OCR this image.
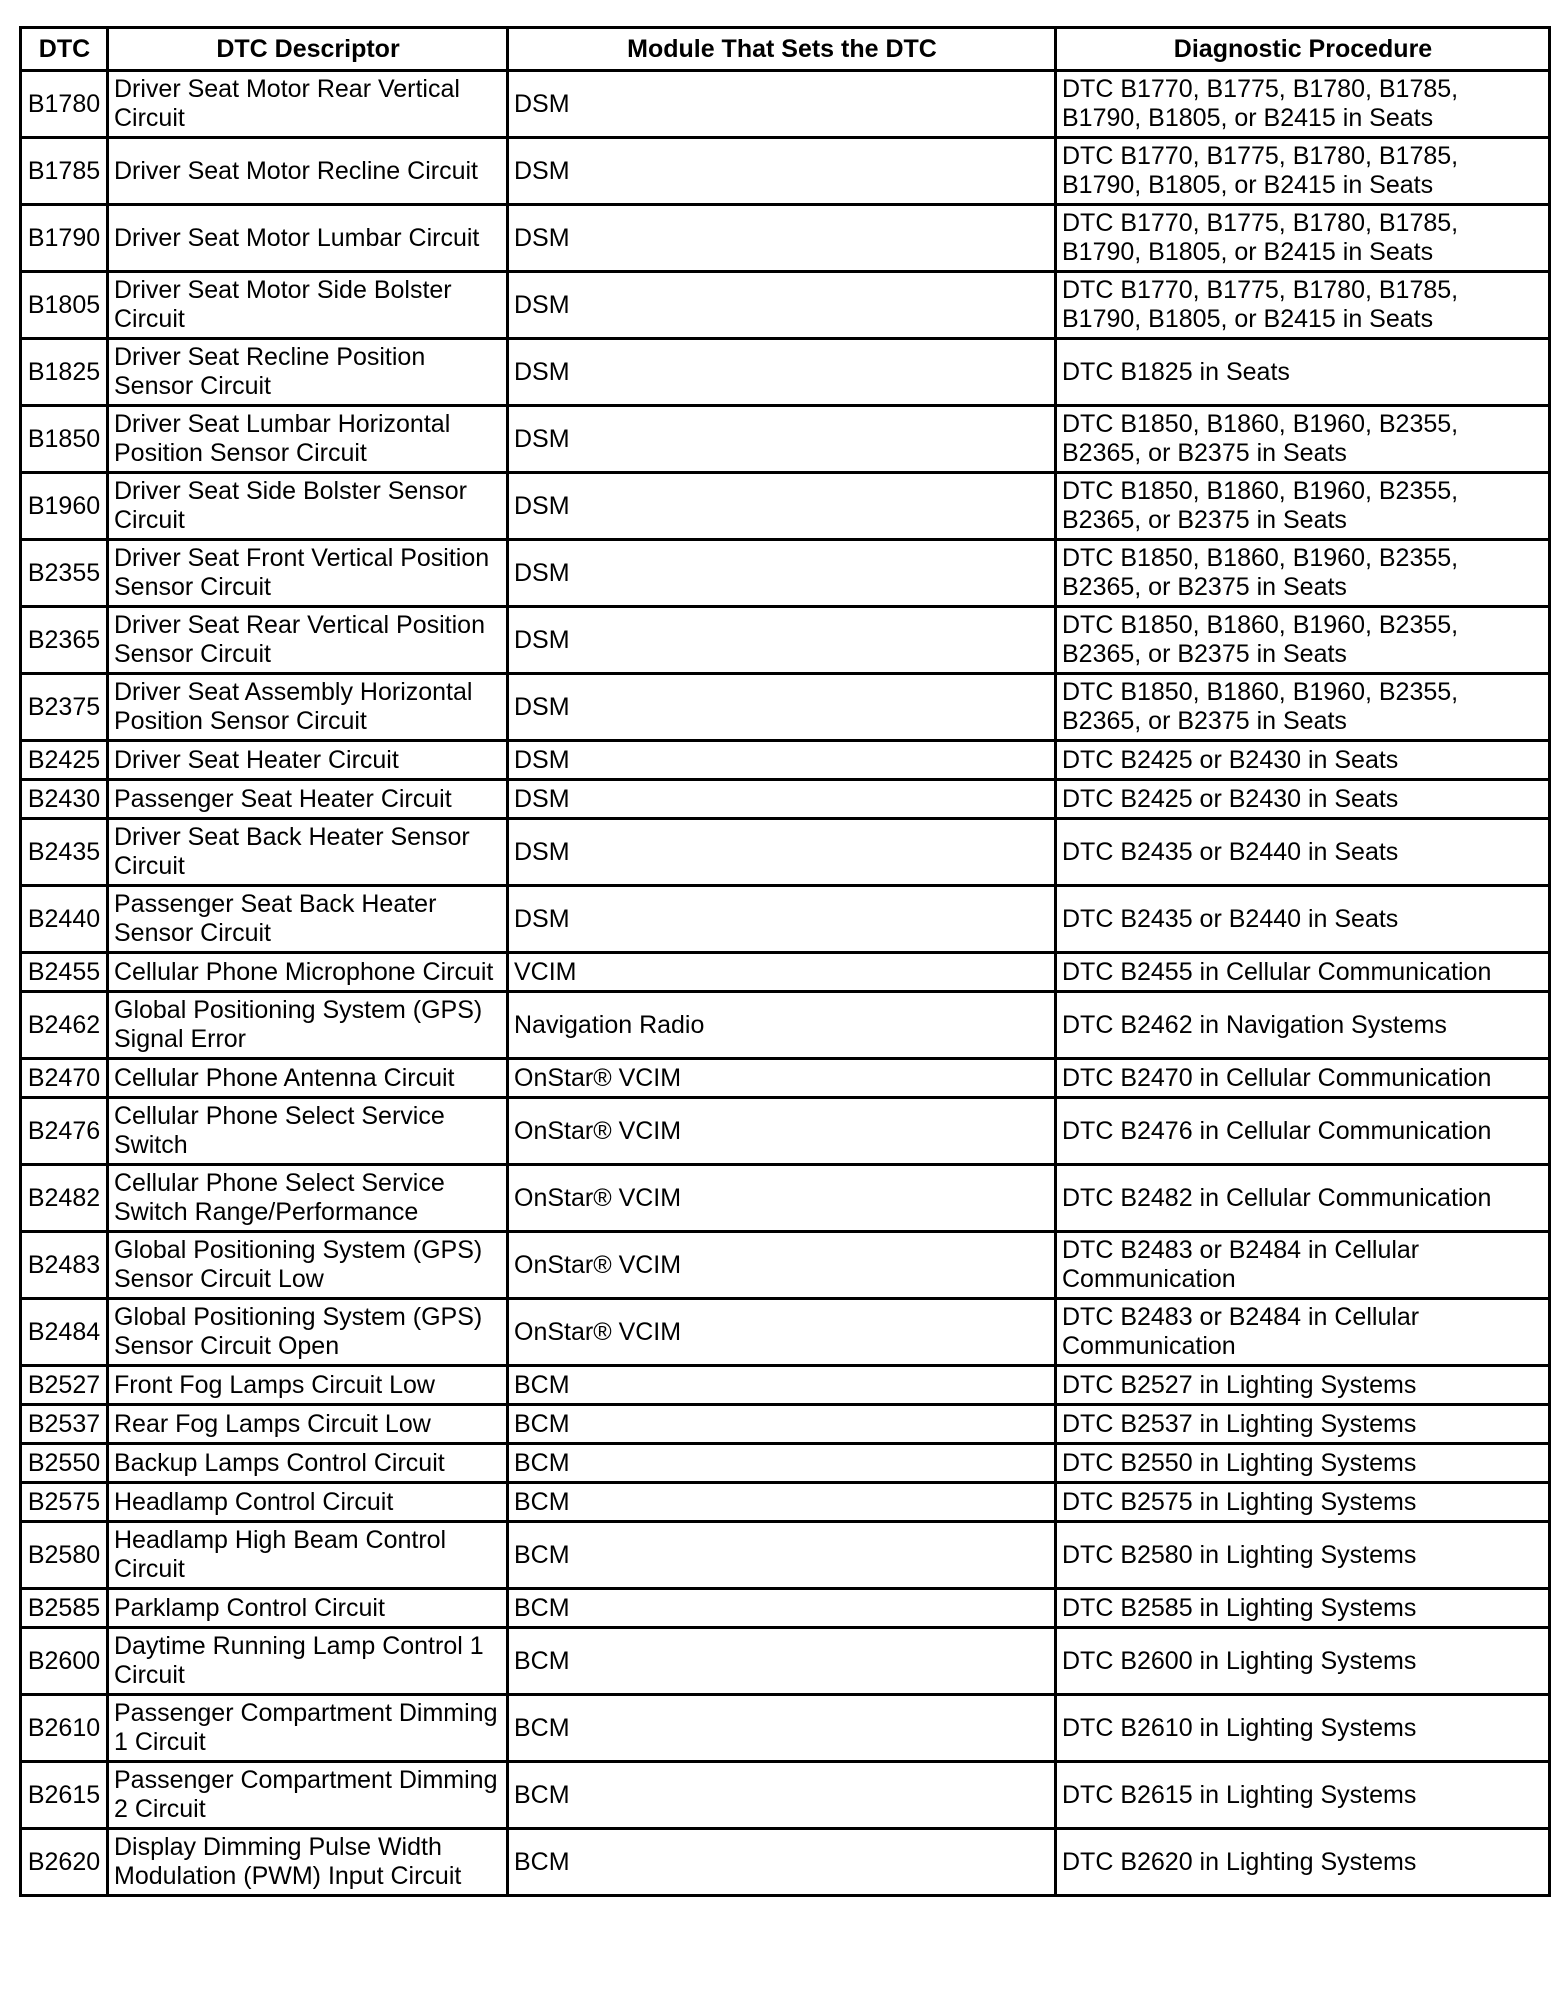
DTC	DTC Descriptor	Module That Sets the DTC	Diagnostic Procedure
B1780	Driver Seat Motor Rear Vertical Circuit	DSM	DTC B1770, B1775, B1780, B1785, B1790, B1805, or B2415 in Seats
B1785	Driver Seat Motor Recline Circuit	DSM	DTC B1770, B1775, B1780, B1785, B1790, B1805, or B2415 in Seats
B1790	Driver Seat Motor Lumbar Circuit	DSM	DTC B1770, B1775, B1780, B1785, B1790, B1805, or B2415 in Seats
B1805	Driver Seat Motor Side Bolster Circuit	DSM	DTC B1770, B1775, B1780, B1785, B1790, B1805, or B2415 in Seats
B1825	Driver Seat Recline Position Sensor Circuit	DSM	DTC B1825 in Seats
B1850	Driver Seat Lumbar Horizontal Position Sensor Circuit	DSM	DTC B1850, B1860, B1960, B2355, B2365, or B2375 in Seats
B1960	Driver Seat Side Bolster Sensor Circuit	DSM	DTC B1850, B1860, B1960, B2355, B2365, or B2375 in Seats
B2355	Driver Seat Front Vertical Position Sensor Circuit	DSM	DTC B1850, B1860, B1960, B2355, B2365, or B2375 in Seats
B2365	Driver Seat Rear Vertical Position Sensor Circuit	DSM	DTC B1850, B1860, B1960, B2355, B2365, or B2375 in Seats
B2375	Driver Seat Assembly Horizontal Position Sensor Circuit	DSM	DTC B1850, B1860, B1960, B2355, B2365, or B2375 in Seats
B2425	Driver Seat Heater Circuit	DSM	DTC B2425 or B2430 in Seats
B2430	Passenger Seat Heater Circuit	DSM	DTC B2425 or B2430 in Seats
B2435	Driver Seat Back Heater Sensor Circuit	DSM	DTC B2435 or B2440 in Seats
B2440	Passenger Seat Back Heater Sensor Circuit	DSM	DTC B2435 or B2440 in Seats
B2455	Cellular Phone Microphone Circuit	VCIM	DTC B2455 in Cellular Communication
B2462	Global Positioning System (GPS) Signal Error	Navigation Radio	DTC B2462 in Navigation Systems
B2470	Cellular Phone Antenna Circuit	OnStar® VCIM	DTC B2470 in Cellular Communication
B2476	Cellular Phone Select Service Switch	OnStar® VCIM	DTC B2476 in Cellular Communication
B2482	Cellular Phone Select Service Switch Range/Performance	OnStar® VCIM	DTC B2482 in Cellular Communication
B2483	Global Positioning System (GPS) Sensor Circuit Low	OnStar® VCIM	DTC B2483 or B2484 in Cellular Communication
B2484	Global Positioning System (GPS) Sensor Circuit Open	OnStar® VCIM	DTC B2483 or B2484 in Cellular Communication
B2527	Front Fog Lamps Circuit Low	BCM	DTC B2527 in Lighting Systems
B2537	Rear Fog Lamps Circuit Low	BCM	DTC B2537 in Lighting Systems
B2550	Backup Lamps Control Circuit	BCM	DTC B2550 in Lighting Systems
B2575	Headlamp Control Circuit	BCM	DTC B2575 in Lighting Systems
B2580	Headlamp High Beam Control Circuit	BCM	DTC B2580 in Lighting Systems
B2585	Parklamp Control Circuit	BCM	DTC B2585 in Lighting Systems
B2600	Daytime Running Lamp Control 1 Circuit	BCM	DTC B2600 in Lighting Systems
B2610	Passenger Compartment Dimming 1 Circuit	BCM	DTC B2610 in Lighting Systems
B2615	Passenger Compartment Dimming 2 Circuit	BCM	DTC B2615 in Lighting Systems
B2620	Display Dimming Pulse Width Modulation (PWM) Input Circuit	BCM	DTC B2620 in Lighting Systems
